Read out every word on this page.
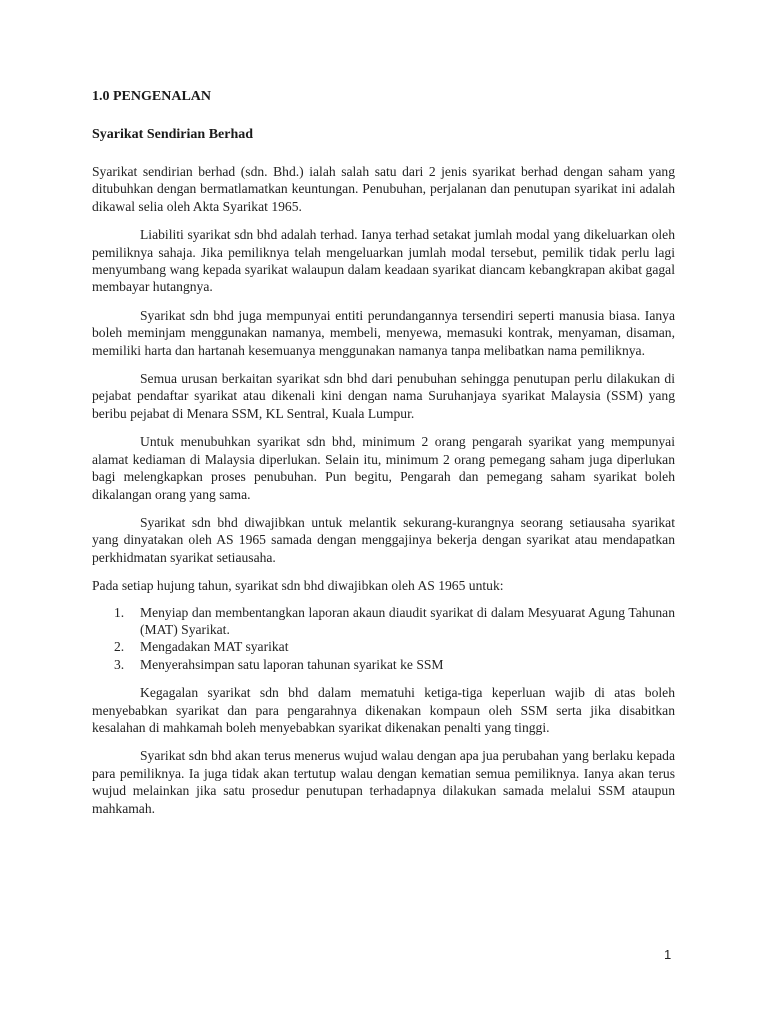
1.0 PENGENALAN
Syarikat Sendirian Berhad

Syarikat sendirian berhad (sdn. Bhd.) ialah salah satu dari 2 jenis syarikat berhad dengan saham yang ditubuhkan dengan bermatlamatkan keuntungan. Penubuhan, perjalanan dan penutupan syarikat ini adalah dikawal selia oleh Akta Syarikat 1965.

Liabiliti syarikat sdn bhd adalah terhad. Ianya terhad setakat jumlah modal yang dikeluarkan oleh pemiliknya sahaja. Jika pemiliknya telah mengeluarkan jumlah modal tersebut, pemilik tidak perlu lagi menyumbang wang kepada syarikat walaupun dalam keadaan syarikat diancam kebangkrapan akibat gagal membayar hutangnya.

Syarikat sdn bhd juga mempunyai entiti perundangannya tersendiri seperti manusia biasa. Ianya boleh meminjam menggunakan namanya, membeli, menyewa, memasuki kontrak, menyaman, disaman, memiliki harta dan hartanah kesemuanya menggunakan namanya tanpa melibatkan nama pemiliknya.

Semua urusan berkaitan syarikat sdn bhd dari penubuhan sehingga penutupan perlu dilakukan di pejabat pendaftar syarikat atau dikenali kini dengan nama Suruhanjaya syarikat Malaysia (SSM) yang beribu pejabat di Menara SSM, KL Sentral, Kuala Lumpur.

Untuk menubuhkan syarikat sdn bhd, minimum 2 orang pengarah syarikat yang mempunyai alamat kediaman di Malaysia diperlukan. Selain itu, minimum 2 orang pemegang saham juga diperlukan bagi melengkapkan proses penubuhan. Pun begitu, Pengarah dan pemegang saham syarikat boleh dikalangan orang yang sama.

Syarikat sdn bhd diwajibkan untuk melantik sekurang-kurangnya seorang setiausaha syarikat yang dinyatakan oleh AS 1965 samada dengan menggajinya bekerja dengan syarikat atau mendapatkan perkhidmatan syarikat setiausaha.

Pada setiap hujung tahun, syarikat sdn bhd diwajibkan oleh AS 1965 untuk:

1.	Menyiap dan membentangkan laporan akaun diaudit syarikat di dalam Mesyuarat Agung Tahunan (MAT) Syarikat.
2.	Mengadakan MAT syarikat
3.	Menyerahsimpan satu laporan tahunan syarikat ke SSM

Kegagalan syarikat sdn bhd dalam mematuhi ketiga-tiga keperluan wajib di atas boleh menyebabkan syarikat dan para pengarahnya dikenakan kompaun oleh SSM serta jika disabitkan kesalahan di mahkamah boleh menyebabkan syarikat dikenakan penalti yang tinggi.

Syarikat sdn bhd akan terus menerus wujud walau dengan apa jua perubahan yang berlaku kepada para pemiliknya. Ia juga tidak akan tertutup walau dengan kematian semua pemiliknya. Ianya akan terus wujud melainkan jika satu prosedur penutupan terhadapnya dilakukan samada melalui SSM ataupun mahkamah.

1
